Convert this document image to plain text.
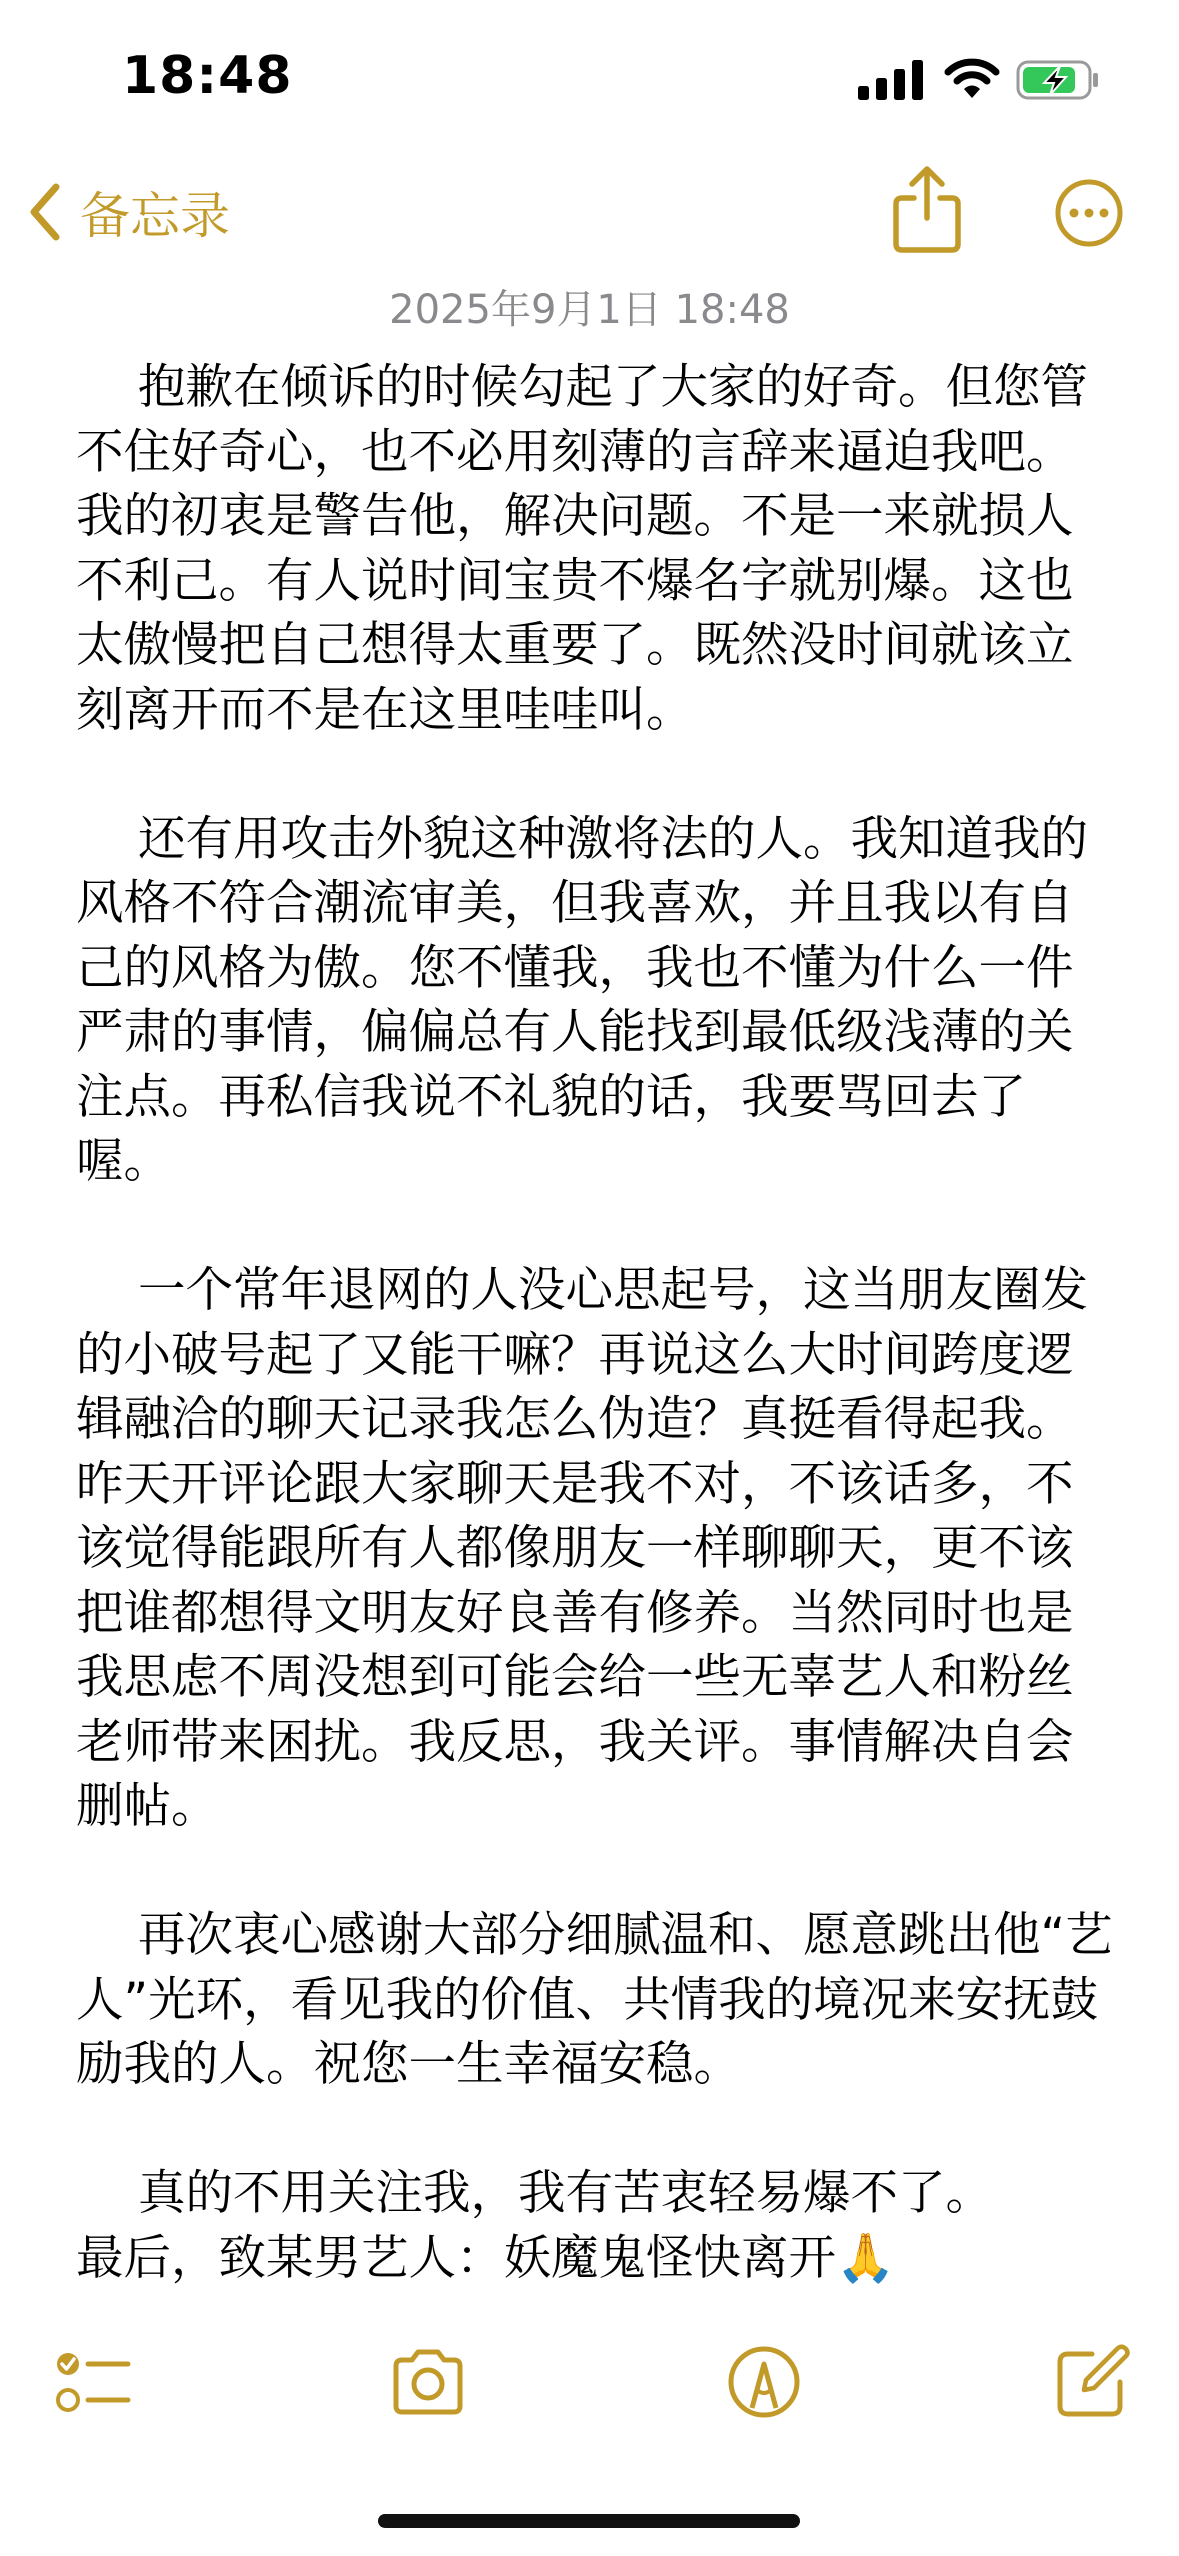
18:48
备忘录
2025年9月1日 18:48

抱歉在倾诉的时候勾起了大家的好奇。但您管不住好奇心，也不必用刻薄的言辞来逼迫我吧。我的初衷是警告他，解决问题。不是一来就损人不利己。有人说时间宝贵不爆名字就别爆。这也太傲慢把自己想得太重要了。既然没时间就该立刻离开而不是在这里哇哇叫。

还有用攻击外貌这种激将法的人。我知道我的风格不符合潮流审美，但我喜欢，并且我以有自己的风格为傲。您不懂我，我也不懂为什么一件严肃的事情，偏偏总有人能找到最低级浅薄的关注点。再私信我说不礼貌的话，我要骂回去了喔。

一个常年退网的人没心思起号，这当朋友圈发的小破号起了又能干嘛？再说这么大时间跨度逻辑融洽的聊天记录我怎么伪造？真挺看得起我。昨天开评论跟大家聊天是我不对，不该话多，不该觉得能跟所有人都像朋友一样聊聊天，更不该把谁都想得文明友好良善有修养。当然同时也是我思虑不周没想到可能会给一些无辜艺人和粉丝老师带来困扰。我反思，我关评。事情解决自会删帖。

再次衷心感谢大部分细腻温和、愿意跳出他“艺人”光环，看见我的价值、共情我的境况来安抚鼓励我的人。祝您一生幸福安稳。

真的不用关注我，我有苦衷轻易爆不了。
最后，致某男艺人：妖魔鬼怪快离开🙏
